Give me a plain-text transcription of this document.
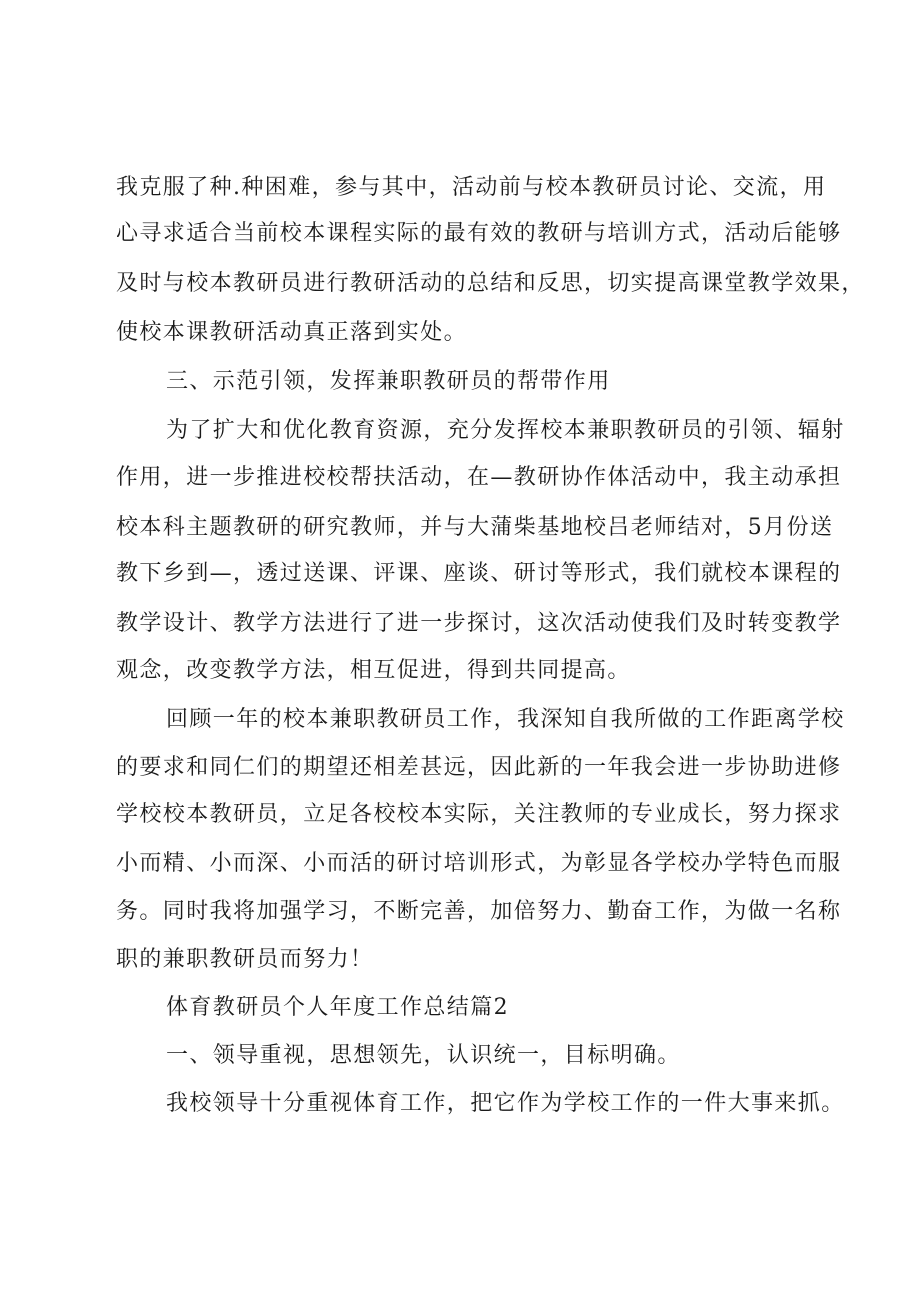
我克服了种.种困难，参与其中，活动前与校本教研员讨论、交流，用
心寻求适合当前校本课程实际的最有效的教研与培训方式，活动后能够
及时与校本教研员进行教研活动的总结和反思，切实提高课堂教学效果，
使校本课教研活动真正落到实处。
三、示范引领，发挥兼职教研员的帮带作用
为了扩大和优化教育资源，充分发挥校本兼职教研员的引领、辐射
作用，进一步推进校校帮扶活动，在—教研协作体活动中，我主动承担
校本科主题教研的研究教师，并与大蒲柴基地校吕老师结对，5月份送
教下乡到—，透过送课、评课、座谈、研讨等形式，我们就校本课程的
教学设计、教学方法进行了进一步探讨，这次活动使我们及时转变教学
观念，改变教学方法，相互促进，得到共同提高。
回顾一年的校本兼职教研员工作，我深知自我所做的工作距离学校
的要求和同仁们的期望还相差甚远，因此新的一年我会进一步协助进修
学校校本教研员，立足各校校本实际，关注教师的专业成长，努力探求
小而精、小而深、小而活的研讨培训形式，为彰显各学校办学特色而服
务。同时我将加强学习，不断完善，加倍努力、勤奋工作，为做一名称
职的兼职教研员而努力！
体育教研员个人年度工作总结篇2
一、领导重视，思想领先，认识统一，目标明确。
我校领导十分重视体育工作，把它作为学校工作的一件大事来抓。
